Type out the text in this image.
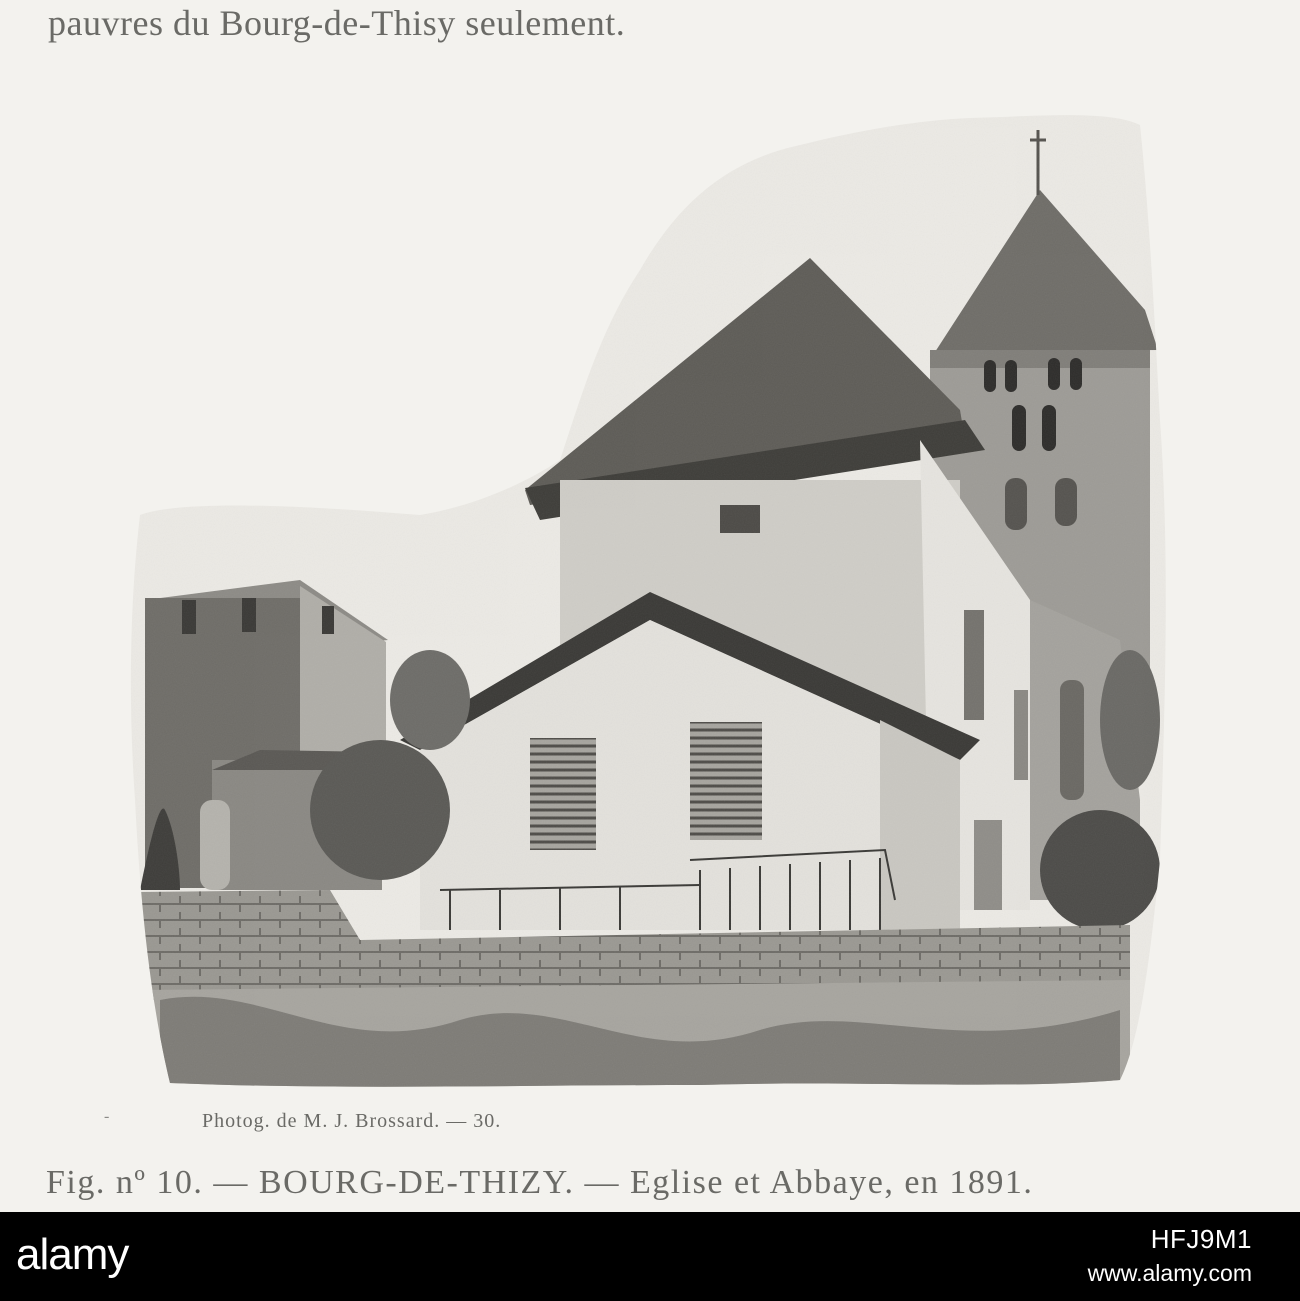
pauvres du Bourg-de-Thisy seulement.
-	Photog. de M. J. Brossard. — 30.
Fig. nº 10. — BOURG-DE-THIZY. — Eglise et Abbaye, en 1891.
alamy	HFJ9M1
www.alamy.com
